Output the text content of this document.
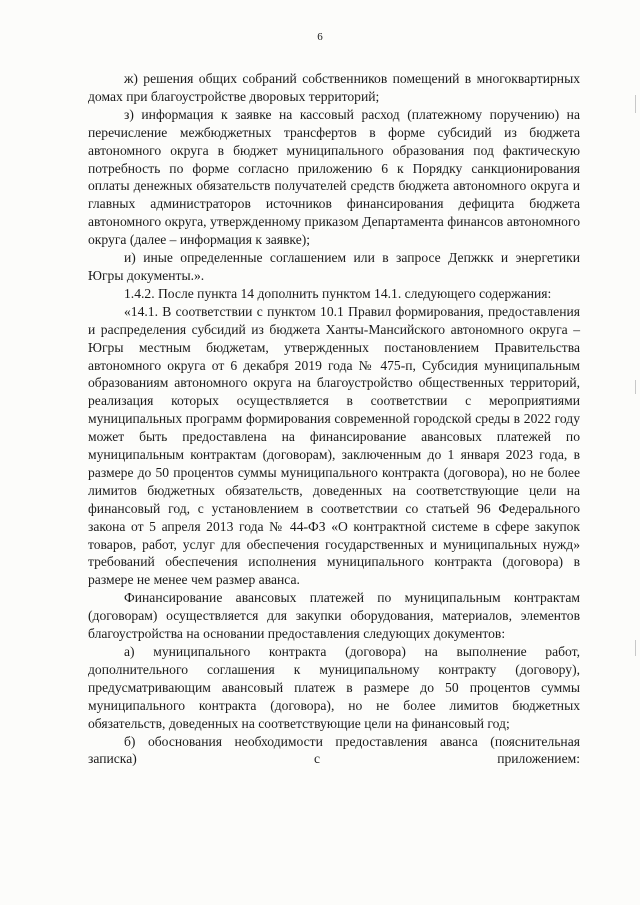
6

ж) решения общих собраний собственников помещений в многоквартирных домах при благоустройстве дворовых территорий;

з) информация к заявке на кассовый расход (платежному поручению) на перечисление межбюджетных трансфертов в форме субсидий из бюджета автономного округа в бюджет муниципального образования под фактическую потребность по форме согласно приложению 6 к Порядку санкционирования оплаты денежных обязательств получателей средств бюджета автономного округа и главных администраторов источников финансирования дефицита бюджета автономного округа, утвержденному приказом Департамента финансов автономного округа (далее – информация к заявке);

и) иные определенные соглашением или в запросе Депжкк и энергетики Югры документы.».

1.4.2. После пункта 14 дополнить пунктом 14.1. следующего содержания:

«14.1. В соответствии с пунктом 10.1 Правил формирования, предоставления и распределения субсидий из бюджета Ханты-Мансийского автономного округа – Югры местным бюджетам, утвержденных постановлением Правительства автономного округа от 6 декабря 2019 года № 475-п, Субсидия муниципальным образованиям автономного округа на благоустройство общественных территорий, реализация которых осуществляется в соответствии с мероприятиями муниципальных программ формирования современной городской среды в 2022 году может быть предоставлена на финансирование авансовых платежей по муниципальным контрактам (договорам), заключенным до 1 января 2023 года, в размере до 50 процентов суммы муниципального контракта (договора), но не более лимитов бюджетных обязательств, доведенных на соответствующие цели на финансовый год, с установлением в соответствии со статьей 96 Федерального закона от 5 апреля 2013 года № 44-ФЗ «О контрактной системе в сфере закупок товаров, работ, услуг для обеспечения государственных и муниципальных нужд» требований обеспечения исполнения муниципального контракта (договора) в размере не менее чем размер аванса.

Финансирование авансовых платежей по муниципальным контрактам (договорам) осуществляется для закупки оборудования, материалов, элементов благоустройства на основании предоставления следующих документов:

а) муниципального контракта (договора) на выполнение работ, дополнительного соглашения к муниципальному контракту (договору), предусматривающим авансовый платеж в размере до 50 процентов суммы муниципального контракта (договора), но не более лимитов бюджетных обязательств, доведенных на соответствующие цели на финансовый год;

б) обоснования необходимости предоставления аванса (пояснительная записка) с приложением:
